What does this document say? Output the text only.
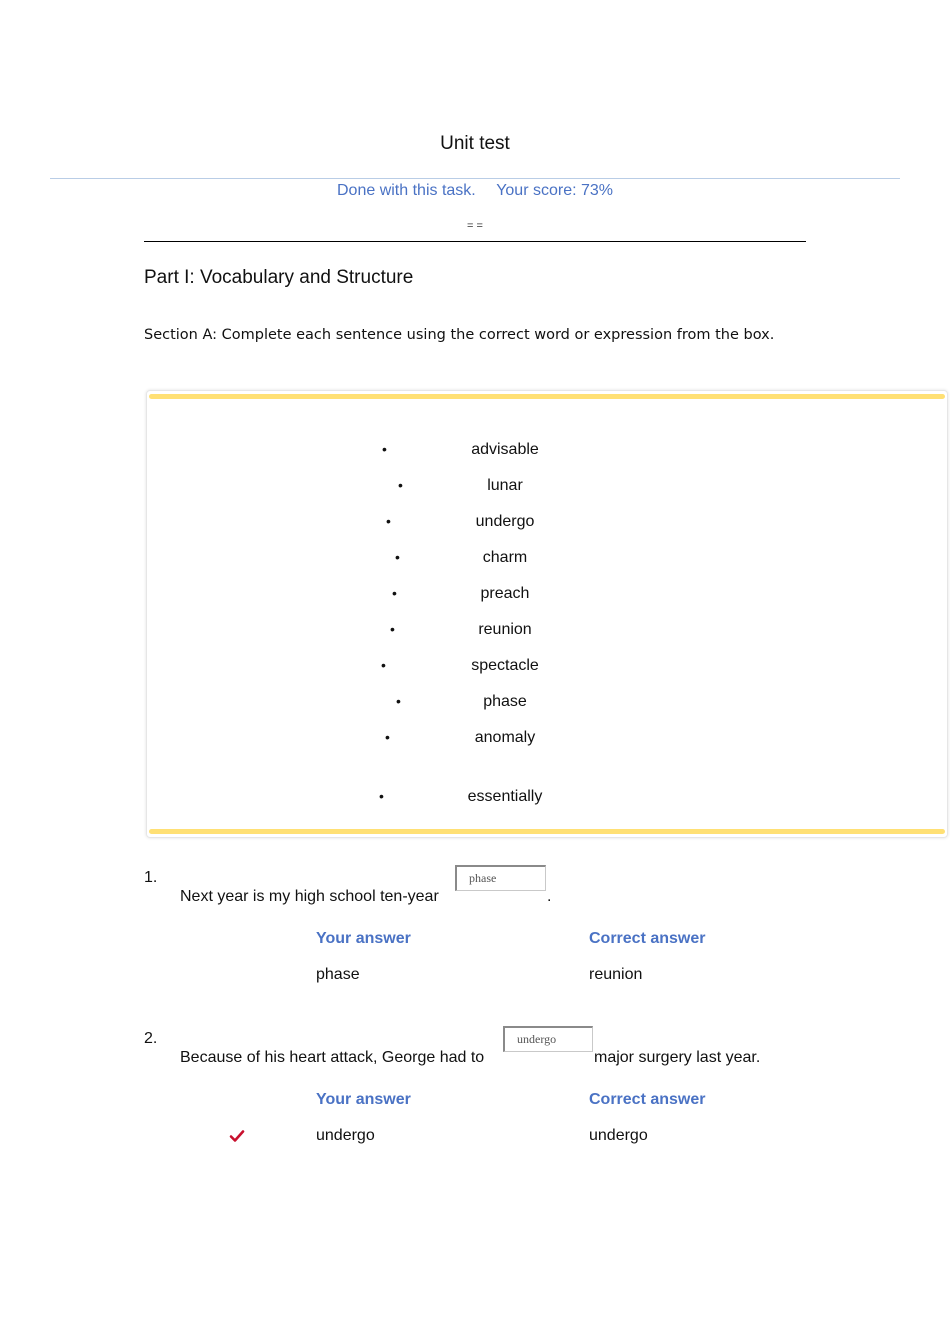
Unit test
Done with this task. Your score: 73%
= =
Part I: Vocabulary and Structure
Section A: Complete each sentence using the correct word or expression from the box.
•	advisable
•	lunar
•	undergo
•	charm
•	preach
•	reunion
•	spectacle
•	phase
•	anomaly
•	essentially
1.
Next year is my high school ten-year
phase
.
Your answer	Correct answer
phase	reunion
2.
Because of his heart attack, George had to
undergo
major surgery last year.
Your answer	Correct answer
undergo	undergo
